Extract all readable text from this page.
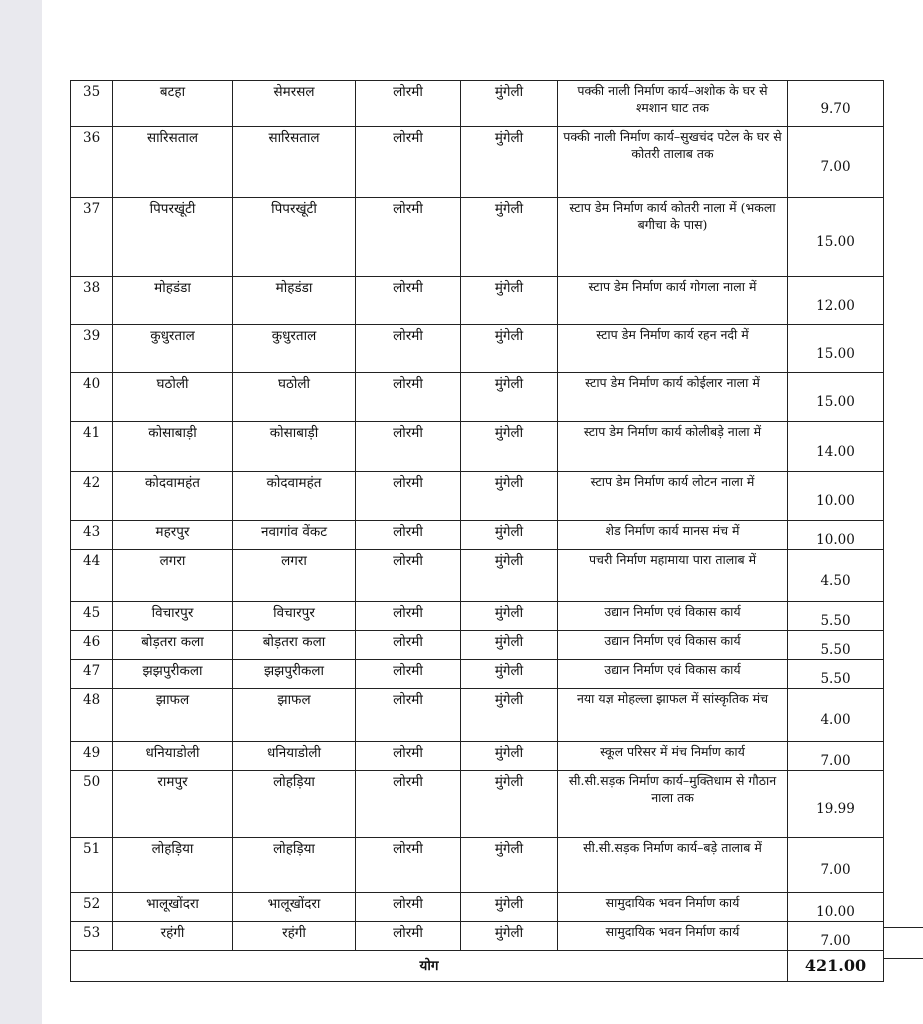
35	बटहा	सेमरसल	लोरमी	मुंगेली	पक्की नाली निर्माण कार्य–अशोक के घर से श्मशान घाट तक	9.70
36	सारिसताल	सारिसताल	लोरमी	मुंगेली	पक्की नाली निर्माण कार्य–सुखचंद पटेल के घर से कोतरी तालाब तक	7.00
37	पिपरखूंटी	पिपरखूंटी	लोरमी	मुंगेली	स्टाप डेम निर्माण कार्य कोतरी नाला में (भकला बगीचा के पास)	15.00
38	मोहडंडा	मोहडंडा	लोरमी	मुंगेली	स्टाप डेम निर्माण कार्य गोगला नाला में	12.00
39	कुधुरताल	कुधुरताल	लोरमी	मुंगेली	स्टाप डेम निर्माण कार्य रहन नदी में	15.00
40	घठोली	घठोली	लोरमी	मुंगेली	स्टाप डेम निर्माण कार्य कोईलार नाला में	15.00
41	कोसाबाड़ी	कोसाबाड़ी	लोरमी	मुंगेली	स्टाप डेम निर्माण कार्य कोलीबड़े नाला में	14.00
42	कोदवामहंत	कोदवामहंत	लोरमी	मुंगेली	स्टाप डेम निर्माण कार्य लोटन नाला में	10.00
43	महरपुर	नवागांव वेंकट	लोरमी	मुंगेली	शेड निर्माण कार्य मानस मंच में	10.00
44	लगरा	लगरा	लोरमी	मुंगेली	पचरी निर्माण महामाया पारा तालाब में	4.50
45	विचारपुर	विचारपुर	लोरमी	मुंगेली	उद्यान निर्माण एवं विकास कार्य	5.50
46	बोड़तरा कला	बोड़तरा कला	लोरमी	मुंगेली	उद्यान निर्माण एवं विकास कार्य	5.50
47	झझपुरीकला	झझपुरीकला	लोरमी	मुंगेली	उद्यान निर्माण एवं विकास कार्य	5.50
48	झाफल	झाफल	लोरमी	मुंगेली	नया यज्ञ मोहल्ला झाफल में सांस्कृतिक मंच	4.00
49	धनियाडोली	धनियाडोली	लोरमी	मुंगेली	स्कूल परिसर में मंच निर्माण कार्य	7.00
50	रामपुर	लोहड़िया	लोरमी	मुंगेली	सी.सी.सड़क निर्माण कार्य–मुक्तिधाम से गौठान नाला तक	19.99
51	लोहड़िया	लोहड़िया	लोरमी	मुंगेली	सी.सी.सड़क निर्माण कार्य–बड़े तालाब में	7.00
52	भालूखोंदरा	भालूखोंदरा	लोरमी	मुंगेली	सामुदायिक भवन निर्माण कार्य	10.00
53	रहंगी	रहंगी	लोरमी	मुंगेली	सामुदायिक भवन निर्माण कार्य	7.00
योग						421.00
